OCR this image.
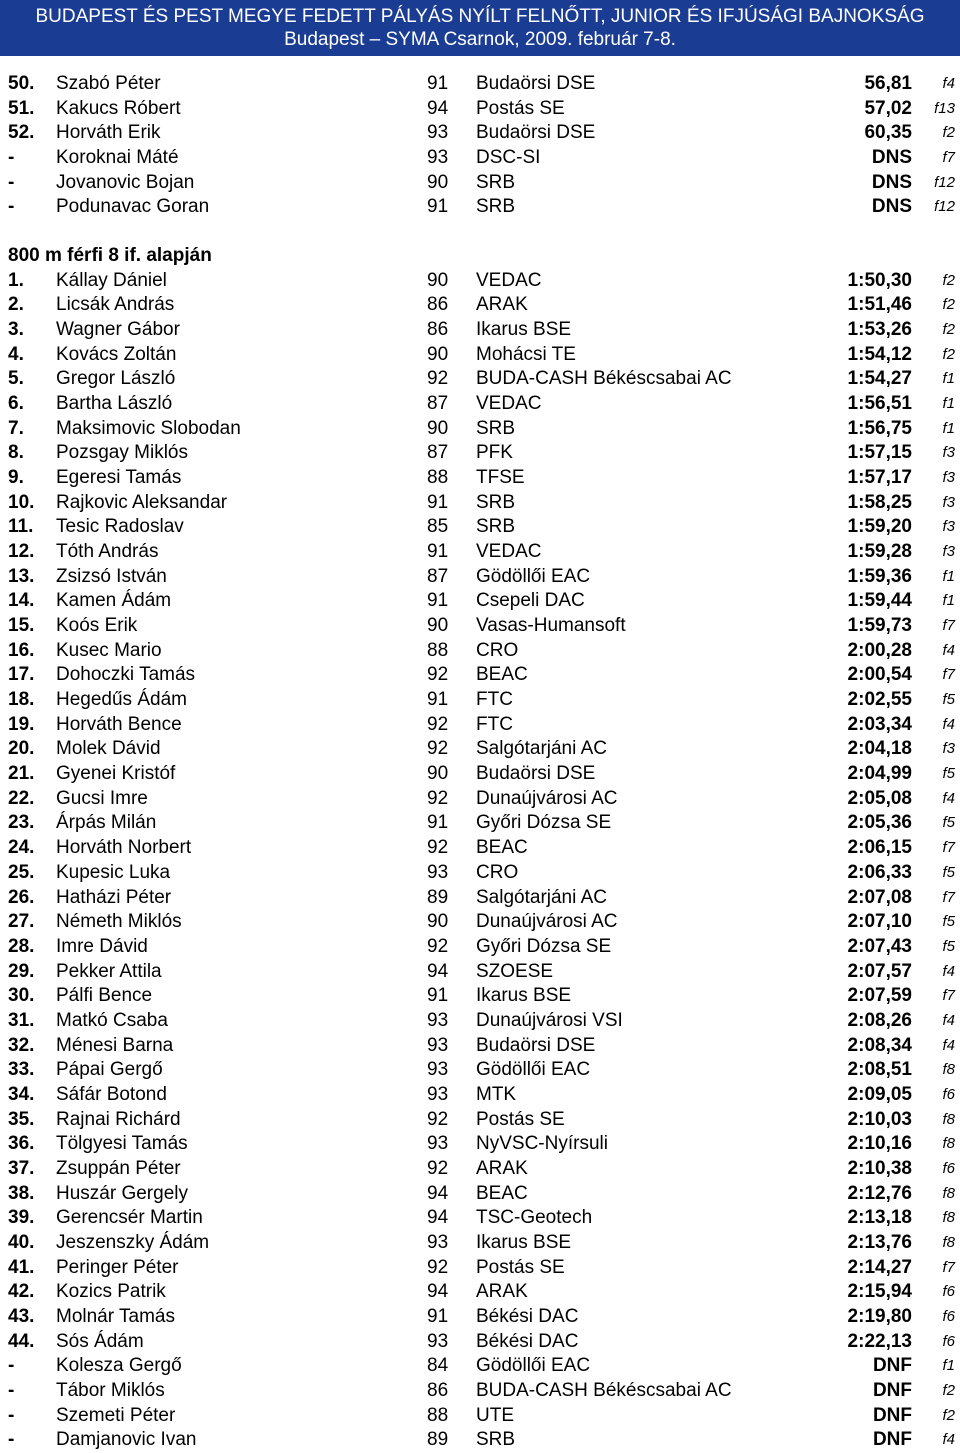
BUDAPEST ÉS PEST MEGYE FEDETT PÁLYÁS NYÍLT FELNŐTT, JUNIOR ÉS IFJÚSÁGI BAJNOKSÁG
Budapest – SYMA Csarnok, 2009. február 7-8.
50. Szabó Péter	91 Budaörsi DSE	56,81 f4
51. Kakucs Róbert	94 Postás SE	57,02 f13
52. Horváth Erik	93 Budaörsi DSE	60,35 f2
- Koroknai Máté	93 DSC-SI	DNS f7
- Jovanovic Bojan	90 SRB	DNS f12
- Podunavac Goran	91 SRB	DNS f12
800 m férfi 8 if. alapján
1. Kállay Dániel	90 VEDAC	1:50,30 f2
2. Licsák András	86 ARAK	1:51,46 f2
3. Wagner Gábor	86 Ikarus BSE	1:53,26 f2
4. Kovács Zoltán	90 Mohácsi TE	1:54,12 f2
5. Gregor László	92 BUDA-CASH Békéscsabai AC	1:54,27 f1
6. Bartha László	87 VEDAC	1:56,51 f1
7. Maksimovic Slobodan	90 SRB	1:56,75 f1
8. Pozsgay Miklós	87 PFK	1:57,15 f3
9. Egeresi Tamás	88 TFSE	1:57,17 f3
10. Rajkovic Aleksandar	91 SRB	1:58,25 f3
11. Tesic Radoslav	85 SRB	1:59,20 f3
12. Tóth András	91 VEDAC	1:59,28 f3
13. Zsizsó István	87 Gödöllői EAC	1:59,36 f1
14. Kamen Ádám	91 Csepeli DAC	1:59,44 f1
15. Koós Erik	90 Vasas-Humansoft	1:59,73 f7
16. Kusec Mario	88 CRO	2:00,28 f4
17. Dohoczki Tamás	92 BEAC	2:00,54 f7
18. Hegedűs Ádám	91 FTC	2:02,55 f5
19. Horváth Bence	92 FTC	2:03,34 f4
20. Molek Dávid	92 Salgótarjáni AC	2:04,18 f3
21. Gyenei Kristóf	90 Budaörsi DSE	2:04,99 f5
22. Gucsi Imre	92 Dunaújvárosi AC	2:05,08 f4
23. Árpás Milán	91 Győri Dózsa SE	2:05,36 f5
24. Horváth Norbert	92 BEAC	2:06,15 f7
25. Kupesic Luka	93 CRO	2:06,33 f5
26. Hatházi Péter	89 Salgótarjáni AC	2:07,08 f7
27. Németh Miklós	90 Dunaújvárosi AC	2:07,10 f5
28. Imre Dávid	92 Győri Dózsa SE	2:07,43 f5
29. Pekker Attila	94 SZOESE	2:07,57 f4
30. Pálfi Bence	91 Ikarus BSE	2:07,59 f7
31. Matkó Csaba	93 Dunaújvárosi VSI	2:08,26 f4
32. Ménesi Barna	93 Budaörsi DSE	2:08,34 f4
33. Pápai Gergő	93 Gödöllői EAC	2:08,51 f8
34. Sáfár Botond	93 MTK	2:09,05 f6
35. Rajnai Richárd	92 Postás SE	2:10,03 f8
36. Tölgyesi Tamás	93 NyVSC-Nyírsuli	2:10,16 f8
37. Zsuppán Péter	92 ARAK	2:10,38 f6
38. Huszár Gergely	94 BEAC	2:12,76 f8
39. Gerencsér Martin	94 TSC-Geotech	2:13,18 f8
40. Jeszenszky Ádám	93 Ikarus BSE	2:13,76 f8
41. Peringer Péter	92 Postás SE	2:14,27 f7
42. Kozics Patrik	94 ARAK	2:15,94 f6
43. Molnár Tamás	91 Békési DAC	2:19,80 f6
44. Sós Ádám	93 Békési DAC	2:22,13 f6
- Kolesza Gergő	84 Gödöllői EAC	DNF f1
- Tábor Miklós	86 BUDA-CASH Békéscsabai AC	DNF f2
- Szemeti Péter	88 UTE	DNF f2
- Damjanovic Ivan	89 SRB	DNF f4
